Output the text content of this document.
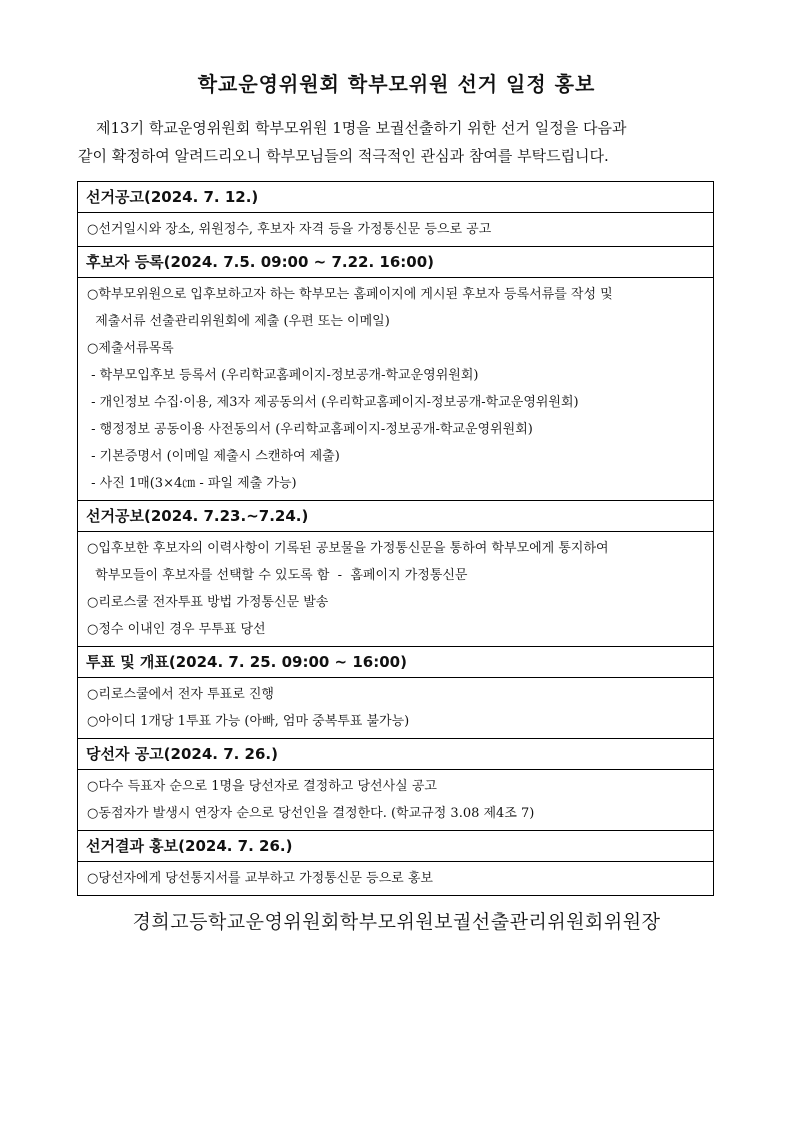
학교운영위원회 학부모위원 선거 일정 홍보

제13기 학교운영위원회 학부모위원 1명을 보궐선출하기 위한 선거 일정을 다음과

같이 확정하여 알려드리오니 학부모님들의 적극적인 관심과 참여를 부탁드립니다.

선거공고(2024. 7. 12.)
○선거일시와 장소, 위원정수, 후보자 자격 등을 가정통신문 등으로 공고
후보자 등록(2024. 7.5. 09:00 ~ 7.22. 16:00)
○학부모위원으로 입후보하고자 하는 학부모는 홈페이지에 게시된 후보자 등록서류를 작성 및
제출서류 선출관리위원회에 제출 (우편 또는 이메일)
○제출서류목록
- 학부모입후보 등록서 (우리학교홈페이지-정보공개-학교운영위원회)
- 개인정보 수집·이용, 제3자 제공동의서 (우리학교홈페이지-정보공개-학교운영위원회)
- 행정정보 공동이용 사전동의서 (우리학교홈페이지-정보공개-학교운영위원회)
- 기본증명서 (이메일 제출시 스캔하여 제출)
- 사진 1매(3×4㎝ - 파일 제출 가능)
선거공보(2024. 7.23.~7.24.)
○입후보한 후보자의 이력사항이 기록된 공보물을 가정통신문을 통하여 학부모에게 통지하여
학부모들이 후보자를 선택할 수 있도록 함  -  홈페이지 가정통신문
○리로스쿨 전자투표 방법 가정통신문 발송
○정수 이내인 경우 무투표 당선
투표 및 개표(2024. 7. 25. 09:00 ~ 16:00)
○리로스쿨에서 전자 투표로 진행
○아이디 1개당 1투표 가능 (아빠, 엄마 중복투표 불가능)
당선자 공고(2024. 7. 26.)
○다수 득표자 순으로 1명을 당선자로 결정하고 당선사실 공고
○동점자가 발생시 연장자 순으로 당선인을 결정한다. (학교규정 3.08 제4조 7)
선거결과 홍보(2024. 7. 26.)
○당선자에게 당선통지서를 교부하고 가정통신문 등으로 홍보
경희고등학교운영위원회학부모위원보궐선출관리위원회위원장
